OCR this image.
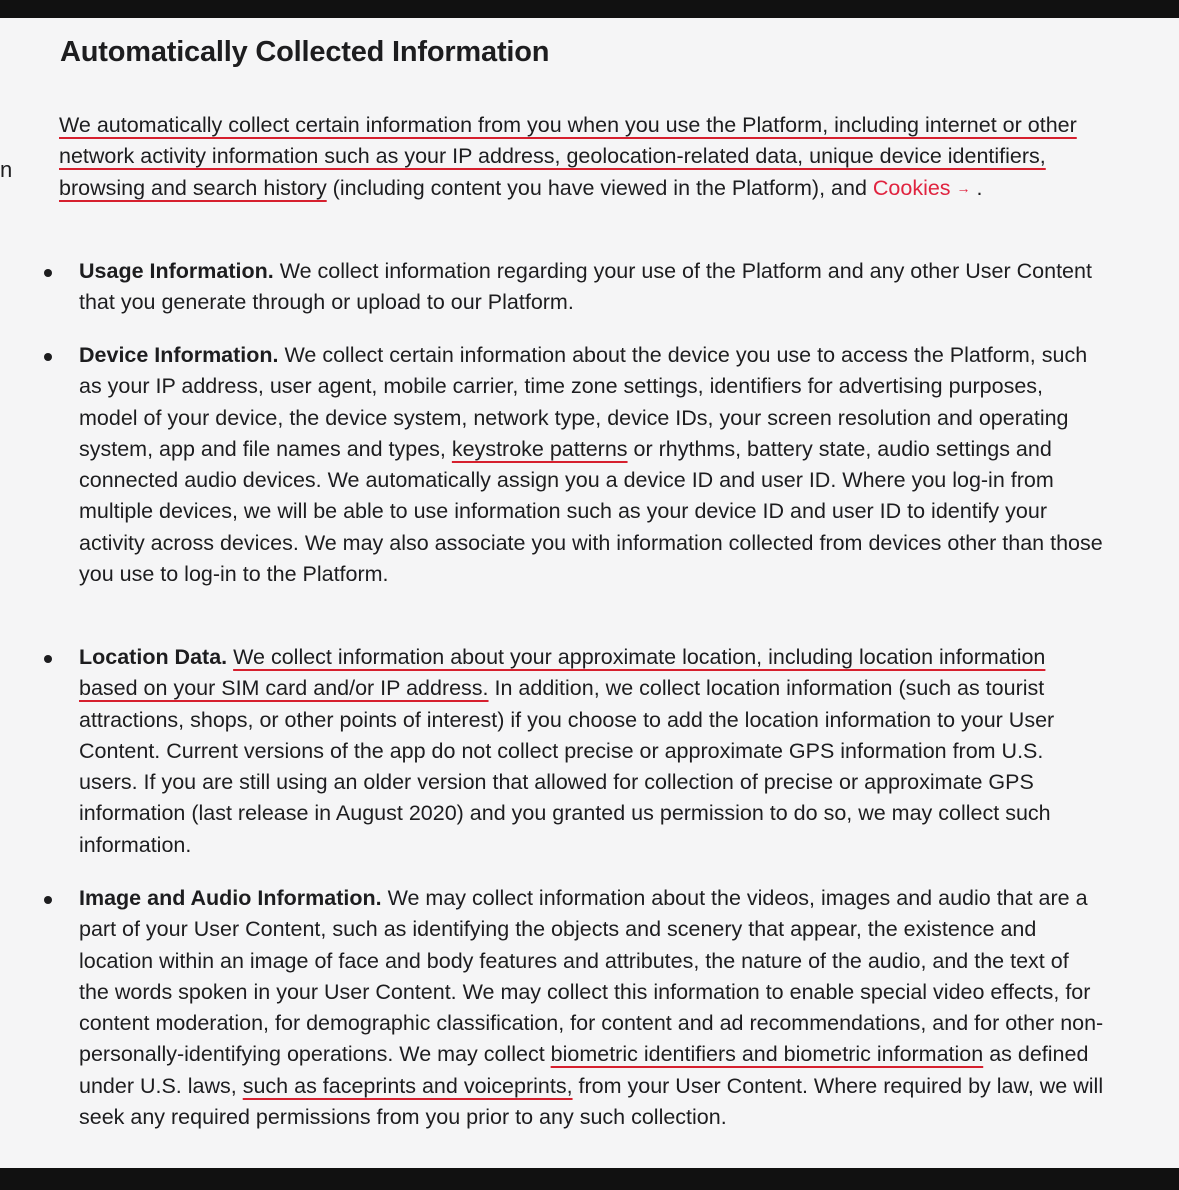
n
Automatically Collected Information

We automatically collect certain information from you when you use the Platform, including internet or other network activity information such as your IP address, geolocation-related data, unique device identifiers, browsing and search history (including content you have viewed in the Platform), and Cookies → .

Usage Information. We collect information regarding your use of the Platform and any other User Content that you generate through or upload to our Platform.

Device Information. We collect certain information about the device you use to access the Platform, such as your IP address, user agent, mobile carrier, time zone settings, identifiers for advertising purposes, model of your device, the device system, network type, device IDs, your screen resolution and operating system, app and file names and types, keystroke patterns or rhythms, battery state, audio settings and connected audio devices. We automatically assign you a device ID and user ID. Where you log-in from multiple devices, we will be able to use information such as your device ID and user ID to identify your activity across devices. We may also associate you with information collected from devices other than those you use to log-in to the Platform.

Location Data. We collect information about your approximate location, including location information based on your SIM card and/or IP address. In addition, we collect location information (such as tourist attractions, shops, or other points of interest) if you choose to add the location information to your User Content. Current versions of the app do not collect precise or approximate GPS information from U.S. users. If you are still using an older version that allowed for collection of precise or approximate GPS information (last release in August 2020) and you granted us permission to do so, we may collect such information.

Image and Audio Information. We may collect information about the videos, images and audio that are a part of your User Content, such as identifying the objects and scenery that appear, the existence and location within an image of face and body features and attributes, the nature of the audio, and the text of the words spoken in your User Content. We may collect this information to enable special video effects, for content moderation, for demographic classification, for content and ad recommendations, and for other non-personally-identifying operations. We may collect biometric identifiers and biometric information as defined under U.S. laws, such as faceprints and voiceprints, from your User Content. Where required by law, we will seek any required permissions from you prior to any such collection.
